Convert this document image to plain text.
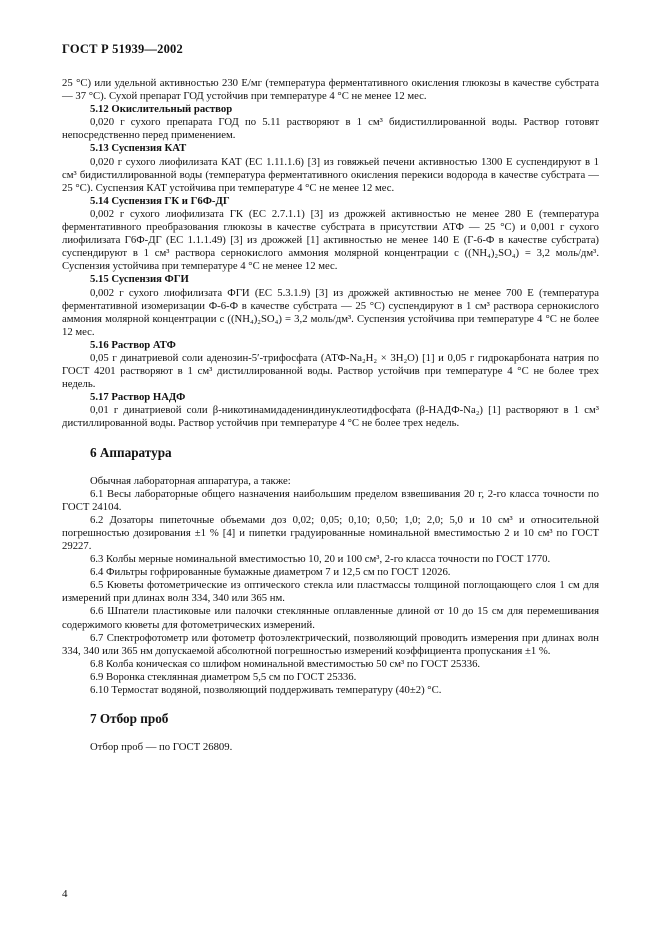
ГОСТ Р 51939—2002
25 °С) или удельной активностью 230 Е/мг (температура ферментативного окисления глюкозы в качестве субстрата — 37 °С). Сухой препарат ГОД устойчив при температуре 4 °С не менее 12 мес.
5.12 Окислительный раствор
0,020 г сухого препарата ГОД по 5.11 растворяют в 1 см³ бидистиллированной воды. Раствор готовят непосредственно перед применением.
5.13 Суспензия КАТ
0,020 г сухого лиофилизата КАТ (ЕС 1.11.1.6) [3] из говяжьей печени активностью 1300 Е суспендируют в 1 см³ бидистиллированной воды (температура ферментативного окисления перекиси водорода в качестве субстрата — 25 °С). Суспензия КАТ устойчива при температуре 4 °С не менее 12 мес.
5.14 Суспензия ГК и Г6Ф-ДГ
0,002 г сухого лиофилизата ГК (ЕС 2.7.1.1) [3] из дрожжей активностью не менее 280 Е (температура ферментативного преобразования глюкозы в качестве субстрата в присутствии АТФ — 25 °С) и 0,001 г сухого лиофилизата Г6Ф-ДГ (ЕС 1.1.1.49) [3] из дрожжей [1] активностью не менее 140 Е (Г-6-Ф в качестве субстрата) суспендируют в 1 см³ раствора сернокислого аммония молярной концентрации c ((NH₄)₂SO₄) = 3,2 моль/дм³. Суспензия устойчива при температуре 4 °С не менее 12 мес.
5.15 Суспензия ФГИ
0,002 г сухого лиофилизата ФГИ (ЕС 5.3.1.9) [3] из дрожжей активностью не менее 700 Е (температура ферментативной изомеризации Ф-6-Ф в качестве субстрата — 25 °С) суспендируют в 1 см³ раствора сернокислого аммония молярной концентрации c ((NH₄)₂SO₄) = 3,2 моль/дм³. Суспензия устойчива при температуре 4 °С не более 12 мес.
5.16 Раствор АТФ
0,05 г динатриевой соли аденозин-5′-трифосфата (АТФ-Na₂H₂ × 3H₂O) [1] и 0,05 г гидрокарбоната натрия по ГОСТ 4201 растворяют в 1 см³ дистиллированной воды. Раствор устойчив при температуре 4 °С не более трех недель.
5.17 Раствор НАДФ
0,01 г динатриевой соли β-никотинамидадениндинуклеотидфосфата (β-НАДФ-Na₂) [1] растворяют в 1 см³ дистиллированной воды. Раствор устойчив при температуре 4 °С не более трех недель.
6 Аппаратура
Обычная лабораторная аппаратура, а также:
6.1 Весы лабораторные общего назначения наибольшим пределом взвешивания 20 г, 2-го класса точности по ГОСТ 24104.
6.2 Дозаторы пипеточные объемами доз 0,02; 0,05; 0,10; 0,50; 1,0; 2,0; 5,0 и 10 см³ и относительной погрешностью дозирования ±1 % [4] и пипетки градуированные номинальной вместимостью 2 и 10 см³ по ГОСТ 29227.
6.3 Колбы мерные номинальной вместимостью 10, 20 и 100 см³, 2-го класса точности по ГОСТ 1770.
6.4 Фильтры гофрированные бумажные диаметром 7 и 12,5 см по ГОСТ 12026.
6.5 Кюветы фотометрические из оптического стекла или пластмассы толщиной поглощающего слоя 1 см для измерений при длинах волн 334, 340 или 365 нм.
6.6 Шпатели пластиковые или палочки стеклянные оплавленные длиной от 10 до 15 см для перемешивания содержимого кюветы для фотометрических измерений.
6.7 Спектрофотометр или фотометр фотоэлектрический, позволяющий проводить измерения при длинах волн 334, 340 или 365 нм допускаемой абсолютной погрешностью измерений коэффициента пропускания ±1 %.
6.8 Колба коническая со шлифом номинальной вместимостью 50 см³ по ГОСТ 25336.
6.9 Воронка стеклянная диаметром 5,5 см по ГОСТ 25336.
6.10 Термостат водяной, позволяющий поддерживать температуру (40±2) °С.
7 Отбор проб
Отбор проб — по ГОСТ 26809.
4
